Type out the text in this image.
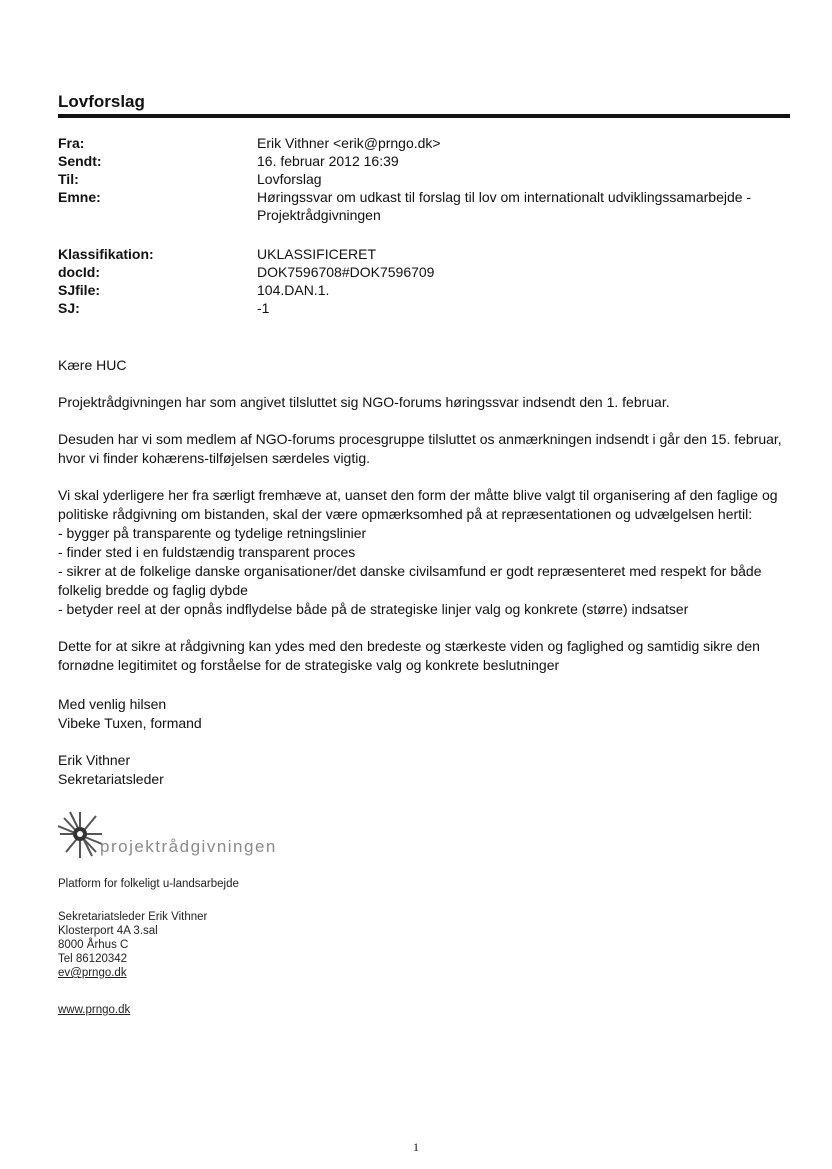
Lovforslag
Fra:	Erik Vithner <erik@prngo.dk>
Sendt:	16. februar 2012 16:39
Til:	Lovforslag
Emne:	Høringssvar om udkast til forslag til lov om internationalt udviklingssamarbejde - Projektrådgivningen
Klassifikation:	UKLASSIFICERET
docId:	DOK7596708#DOK7596709
SJfile:	104.DAN.1.
SJ:	-1

Kære HUC

Projektrådgivningen har som angivet tilsluttet sig NGO-forums høringssvar indsendt den 1. februar.

Desuden har vi som medlem af NGO-forums procesgruppe tilsluttet os anmærkningen indsendt i går den 15. februar, hvor vi finder kohærens-tilføjelsen særdeles vigtig.

Vi skal yderligere her fra særligt fremhæve at, uanset den form der måtte blive valgt til organisering af den faglige og politiske rådgivning om bistanden, skal der være opmærksomhed på at repræsentationen og udvælgelsen hertil:
- bygger på transparente og tydelige retningslinier
- finder sted i en fuldstændig transparent proces
- sikrer at de folkelige danske organisationer/det danske civilsamfund er godt repræsenteret med respekt for både folkelig bredde og faglig dybde
- betyder reel at der opnås indflydelse både på de strategiske linjer valg og konkrete (større) indsatser

Dette for at sikre at rådgivning kan ydes med den bredeste og stærkeste viden og faglighed og samtidig sikre den fornødne legitimitet og forståelse for de strategiske valg og konkrete beslutninger

Med venlig hilsen
Vibeke Tuxen, formand
Erik Vithner
Sekretariatsleder
projektrådgivningen
Platform for folkeligt u-landsarbejde
Sekretariatsleder Erik Vithner
Klosterport 4A 3.sal
8000 Århus C
Tel 86120342
ev@prngo.dk
www.prngo.dk
1
